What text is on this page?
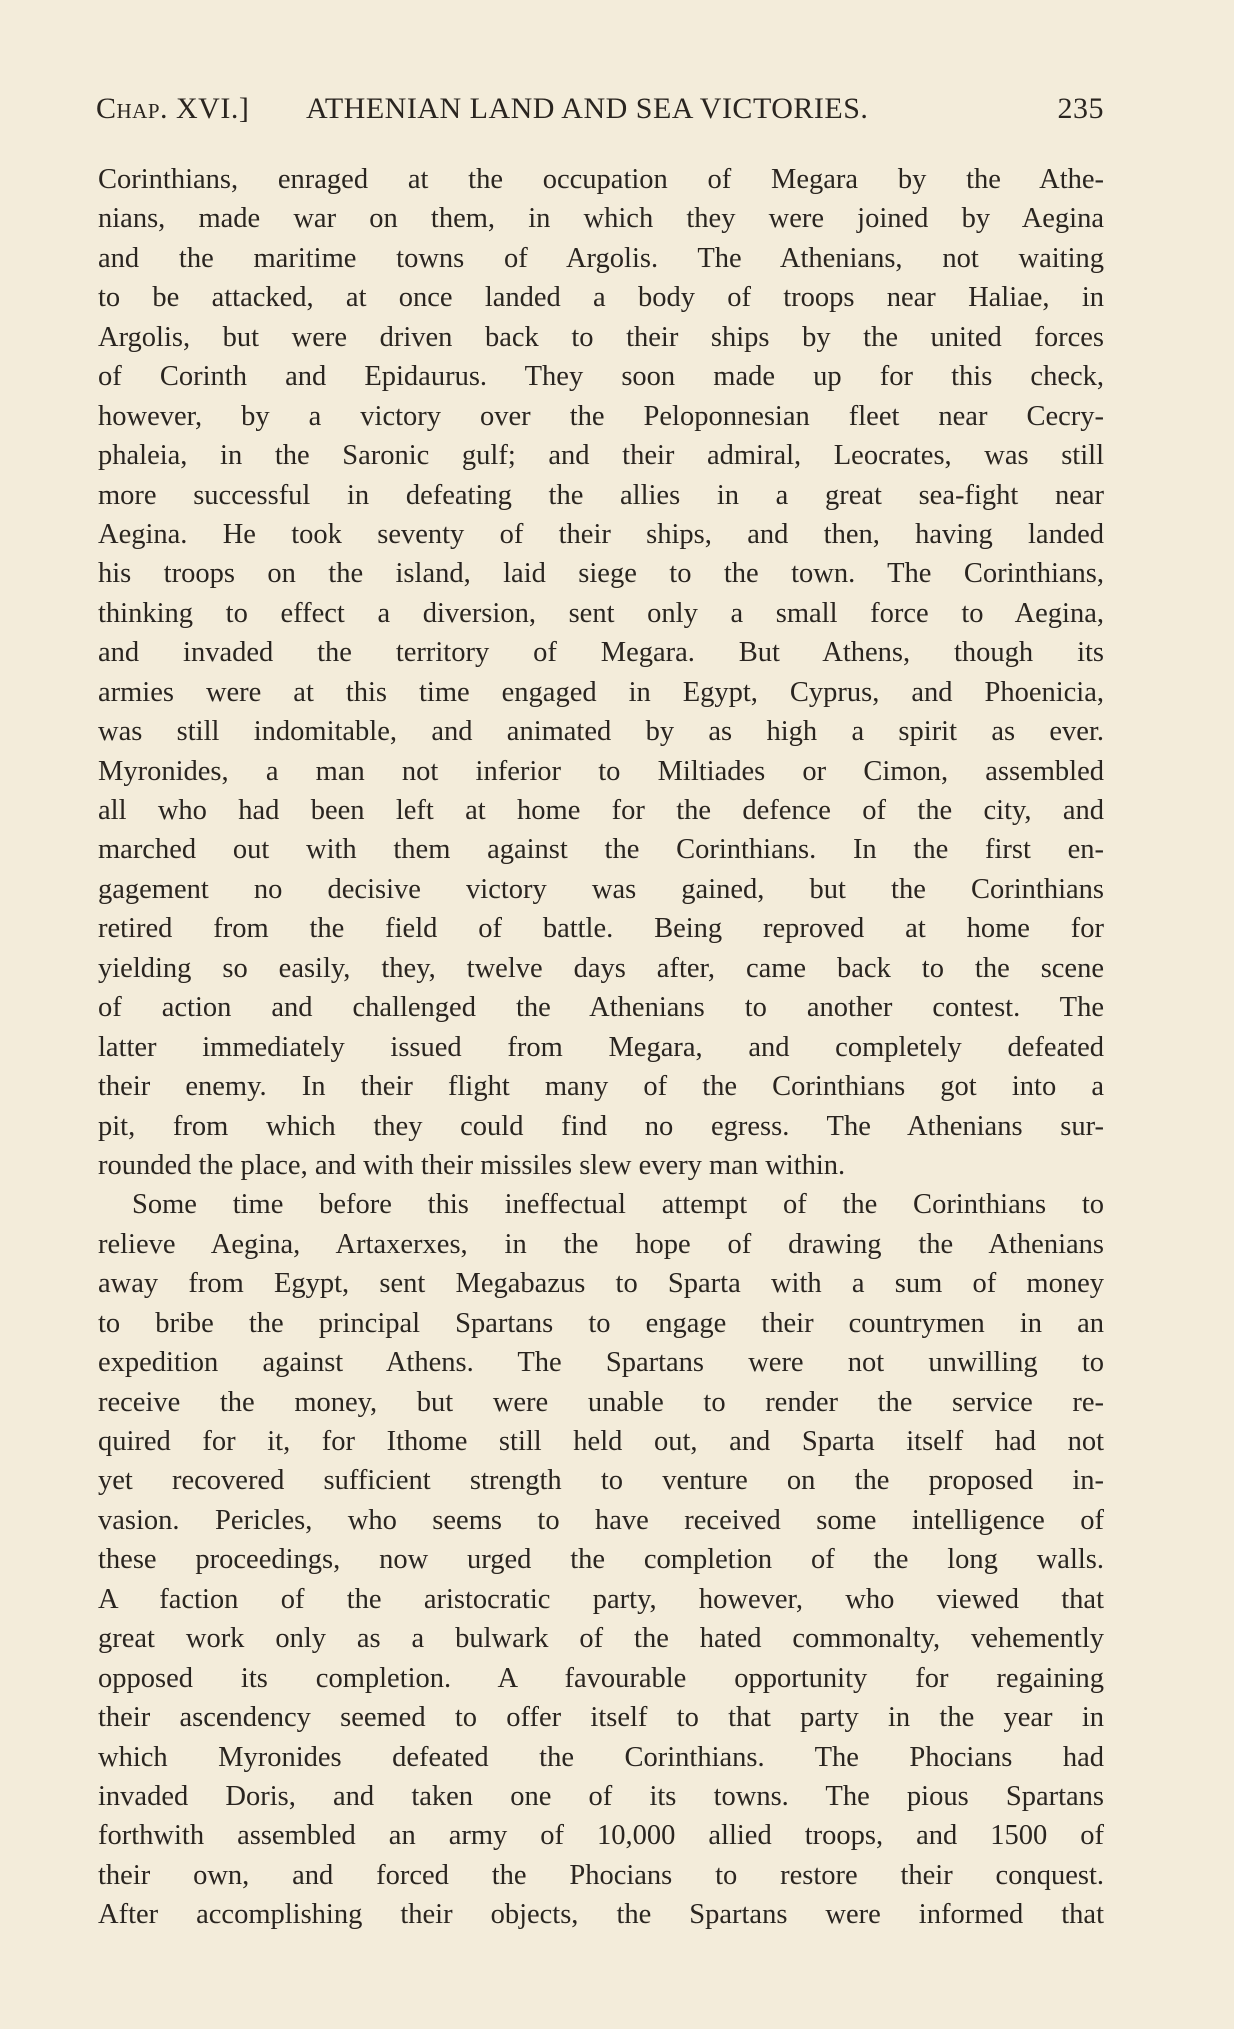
Chap. XVI.] ATHENIAN LAND AND SEA VICTORIES.	235
Corinthians, enraged at the occupation of Megara by the Athe-
nians, made war on them, in which they were joined by Aegina
and the maritime towns of Argolis. The Athenians, not waiting
to be attacked, at once landed a body of troops near Haliae, in
Argolis, but were driven back to their ships by the united forces
of Corinth and Epidaurus. They soon made up for this check,
however, by a victory over the Peloponnesian fleet near Cecry-
phaleia, in the Saronic gulf; and their admiral, Leocrates, was still
more successful in defeating the allies in a great sea-fight near
Aegina. He took seventy of their ships, and then, having landed
his troops on the island, laid siege to the town. The Corinthians,
thinking to effect a diversion, sent only a small force to Aegina,
and invaded the territory of Megara. But Athens, though its
armies were at this time engaged in Egypt, Cyprus, and Phoenicia,
was still indomitable, and animated by as high a spirit as ever.
Myronides, a man not inferior to Miltiades or Cimon, assembled
all who had been left at home for the defence of the city, and
marched out with them against the Corinthians. In the first en-
gagement no decisive victory was gained, but the Corinthians
retired from the field of battle. Being reproved at home for
yielding so easily, they, twelve days after, came back to the scene
of action and challenged the Athenians to another contest. The
latter immediately issued from Megara, and completely defeated
their enemy. In their flight many of the Corinthians got into a
pit, from which they could find no egress. The Athenians sur-
rounded the place, and with their missiles slew every man within.
Some time before this ineffectual attempt of the Corinthians to
relieve Aegina, Artaxerxes, in the hope of drawing the Athenians
away from Egypt, sent Megabazus to Sparta with a sum of money
to bribe the principal Spartans to engage their countrymen in an
expedition against Athens. The Spartans were not unwilling to
receive the money, but were unable to render the service re-
quired for it, for Ithome still held out, and Sparta itself had not
yet recovered sufficient strength to venture on the proposed in-
vasion. Pericles, who seems to have received some intelligence of
these proceedings, now urged the completion of the long walls.
A faction of the aristocratic party, however, who viewed that
great work only as a bulwark of the hated commonalty, vehemently
opposed its completion. A favourable opportunity for regaining
their ascendency seemed to offer itself to that party in the year in
which Myronides defeated the Corinthians. The Phocians had
invaded Doris, and taken one of its towns. The pious Spartans
forthwith assembled an army of 10,000 allied troops, and 1500 of
their own, and forced the Phocians to restore their conquest.
After accomplishing their objects, the Spartans were informed that
